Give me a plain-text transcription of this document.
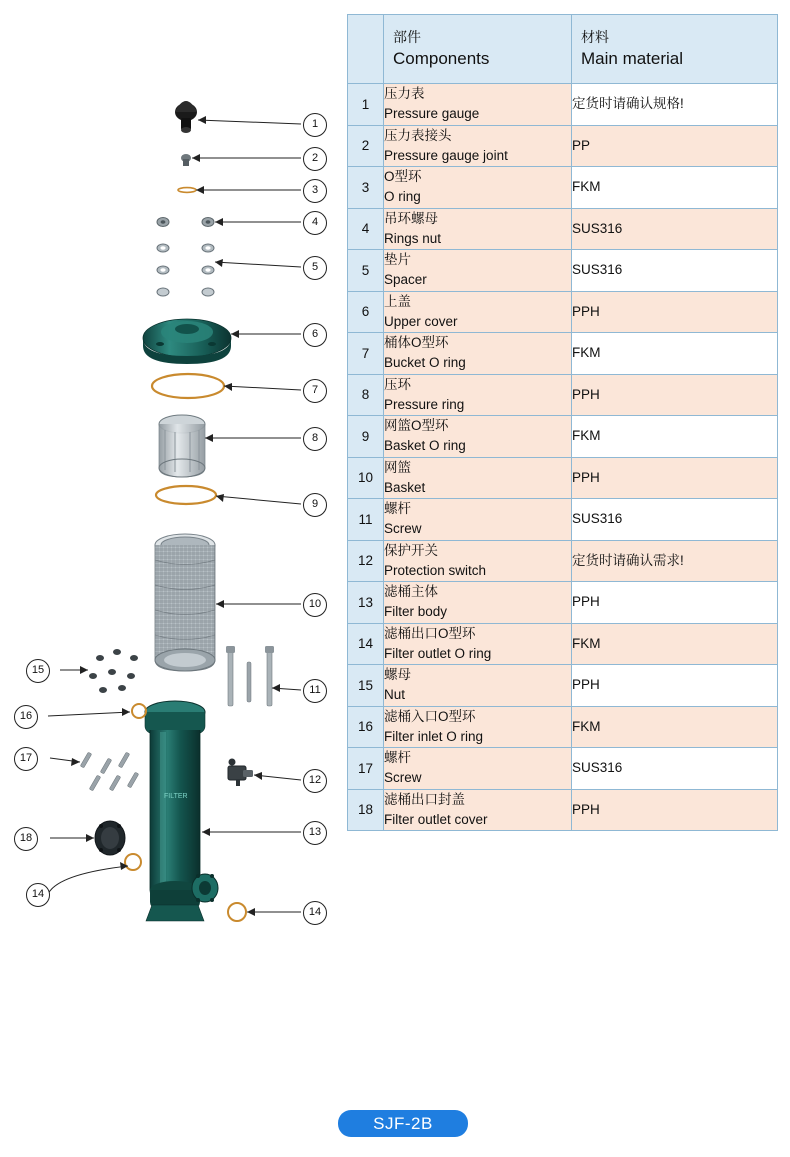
FILTER
1
2
3
4
5
6
7
8
9
10
11
12
13
14
14
15
16
17
18

	部件
Components	材料
Main material

1	压力表
Pressure gauge	定货时请确认规格!

2	压力表接头
Pressure gauge joint	PP

3	O型环
O ring	FKM

4	吊环螺母
Rings nut	SUS316

5	垫片
Spacer	SUS316

6	上盖
Upper cover	PPH

7	桶体O型环
Bucket O ring	FKM

8	压环
Pressure ring	PPH

9	网篮O型环
Basket O ring	FKM

10	网篮
Basket	PPH

11	螺杆
Screw	SUS316

12	保护开关
Protection switch	定货时请确认需求!

13	滤桶主体
Filter body	PPH

14	滤桶出口O型环
Filter outlet O ring	FKM

15	螺母
Nut	PPH

16	滤桶入口O型环
Filter inlet O ring	FKM

17	螺杆
Screw	SUS316

18	滤桶出口封盖
Filter outlet cover	PPH
SJF-2B
